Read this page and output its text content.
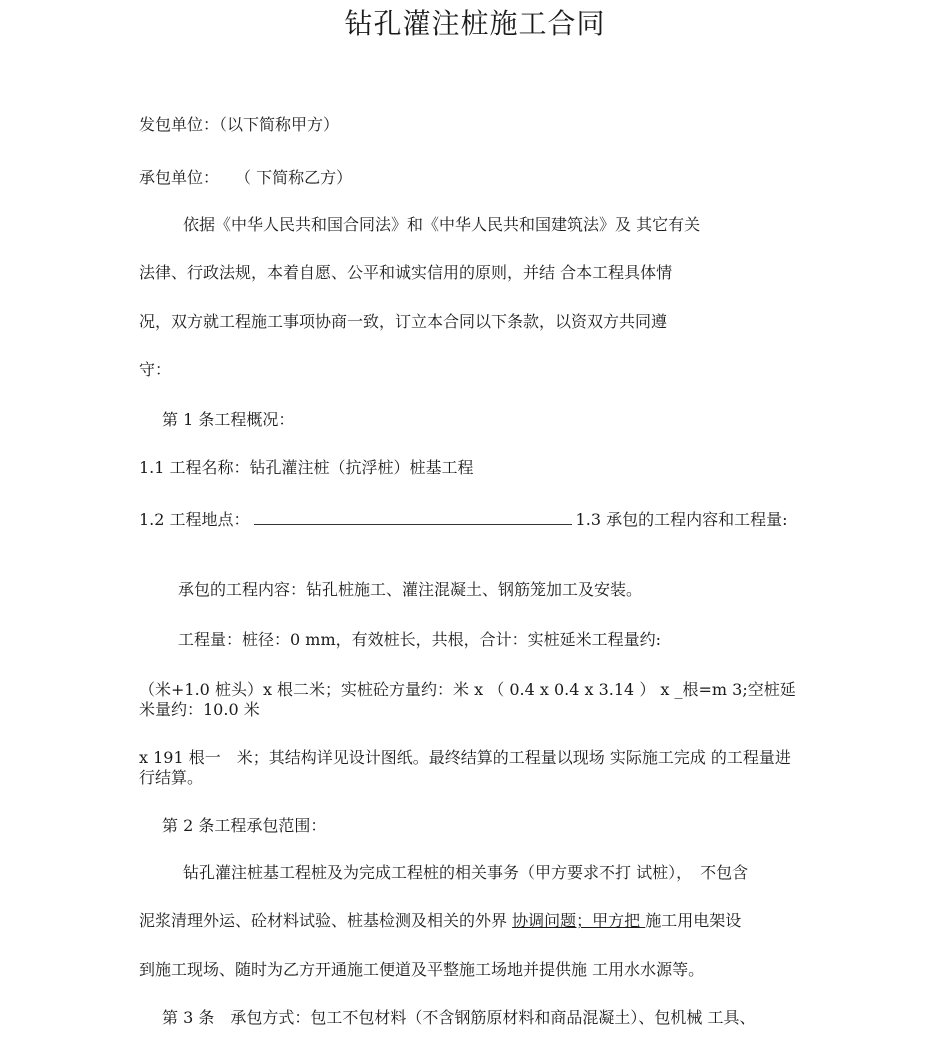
钻孔灌注桩施工合同
发包单位：（以下简称甲方）
承包单位：　　（ 下简称乙方）
依据《中华人民共和国合同法》和《中华人民共和国建筑法》及 其它有关
法律、行政法规，本着自愿、公平和诚实信用的原则，并结 合本工程具体情
况，双方就工程施工事项协商一致，订立本合同以下条款，以资双方共同遵
守：
第 1 条工程概况：
1.1 工程名称：钻孔灌注桩（抗浮桩）桩基工程
1.2 工程地点：	1.3 承包的工程内容和工程量:
承包的工程内容：钻孔桩施工、灌注混凝土、钢筋笼加工及安装。
工程量：桩径：0 mm，有效桩长，共根，合计：实桩延米工程量约:
（米+1.0 桩头）x 根二米；实桩砼方量约：米 x （ 0.4 x 0.4 x 3.14 ） x _根=m 3;空桩延米量约：10.0 米
x 191 根一　米；其结构详见设计图纸。最终结算的工程量以现场 实际施工完成 的工程量进行结算。
第 2 条工程承包范围：
钻孔灌注桩基工程桩及为完成工程桩的相关事务（甲方要求不打 试桩），　不包含
泥浆清理外运、砼材料试验、桩基检测及相关的外界 协调问题；甲方把 施工用电架设
到施工现场、随时为乙方开通施工便道及平整施工场地并提供施 工用水水源等。
第 3 条　承包方式：包工不包材料（不含钢筋原材料和商品混凝土）、包机械 工具、
